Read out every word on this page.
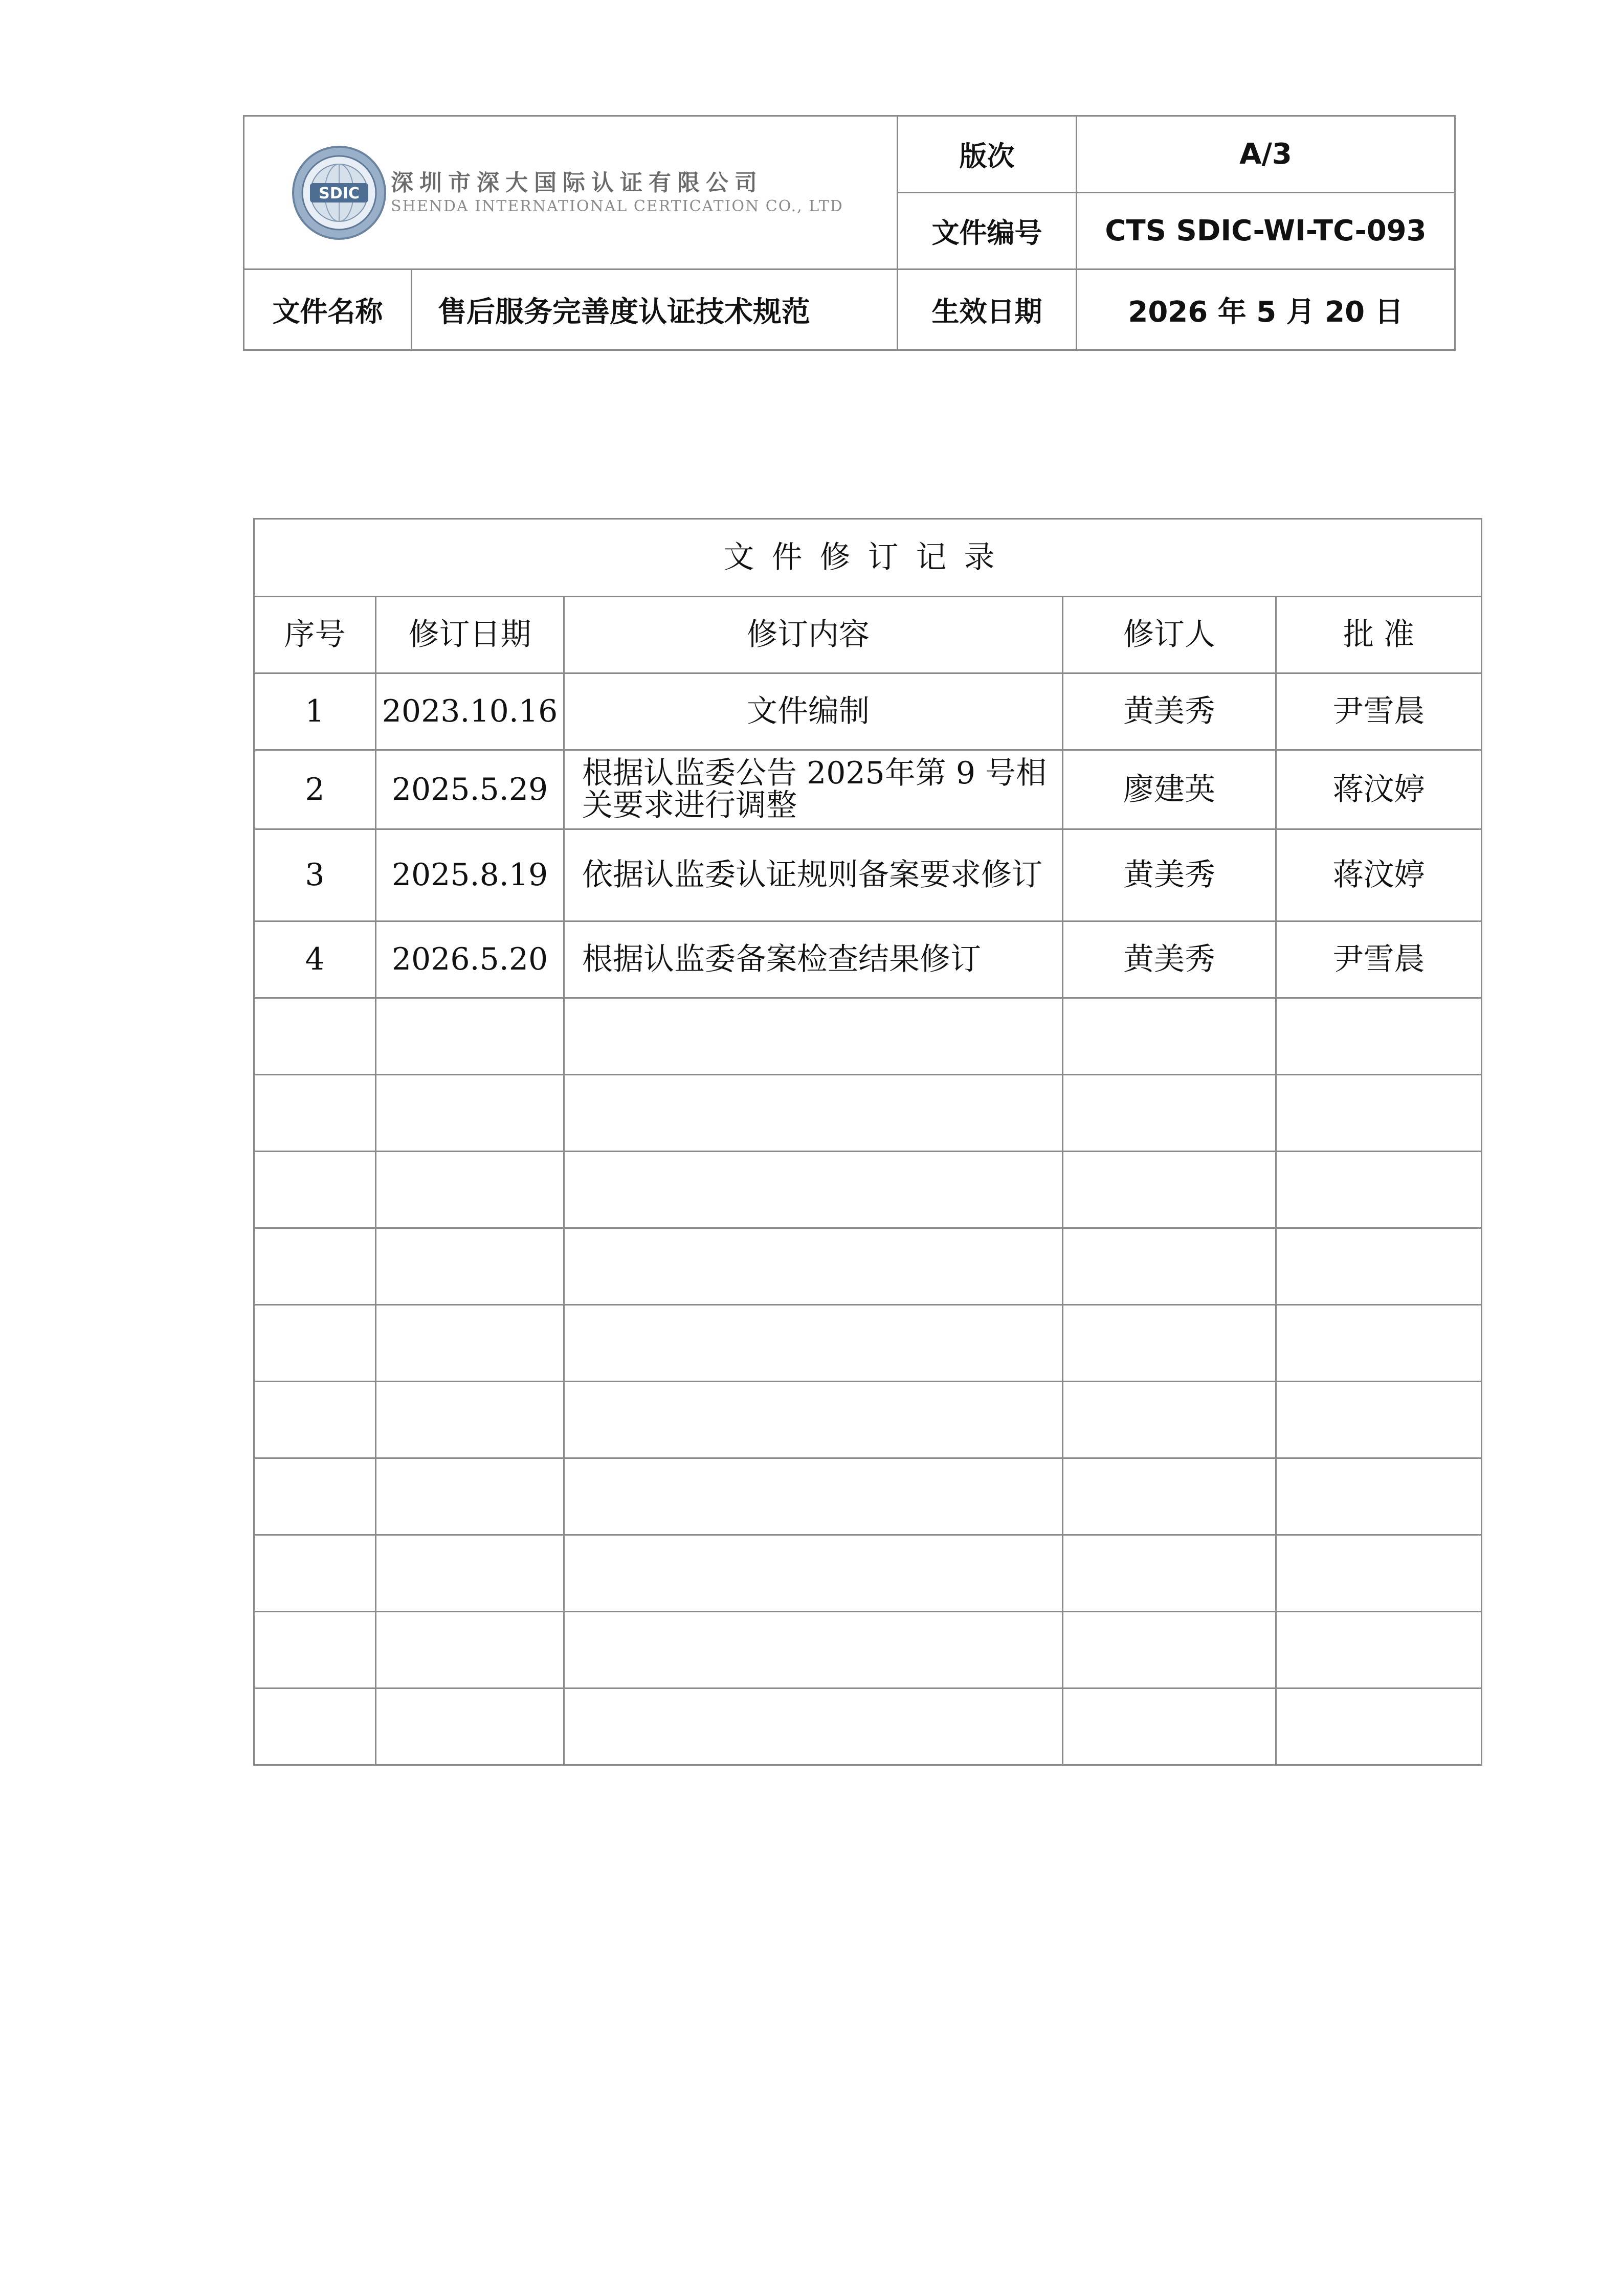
SDIC 深圳市深大国际认证有限公司
SHENDA INTERNATIONAL CERTICATION CO., LTD		版次	A/3
		文件编号	CTS SDIC-WI-TC-093
文件名称	售后服务完善度认证技术规范	生效日期	2026 年 5 月 20 日
文件修订记录				
序号	修订日期	修订内容	修订人	批 准
1	2023.10.16	文件编制	黄美秀	尹雪晨
2	2025.5.29	根据认监委公告 2025年第 9 号相关要求进行调整	廖建英	蒋汶婷
3	2025.8.19	依据认监委认证规则备案要求修订	黄美秀	蒋汶婷
4	2026.5.20	根据认监委备案检查结果修订	黄美秀	尹雪晨
